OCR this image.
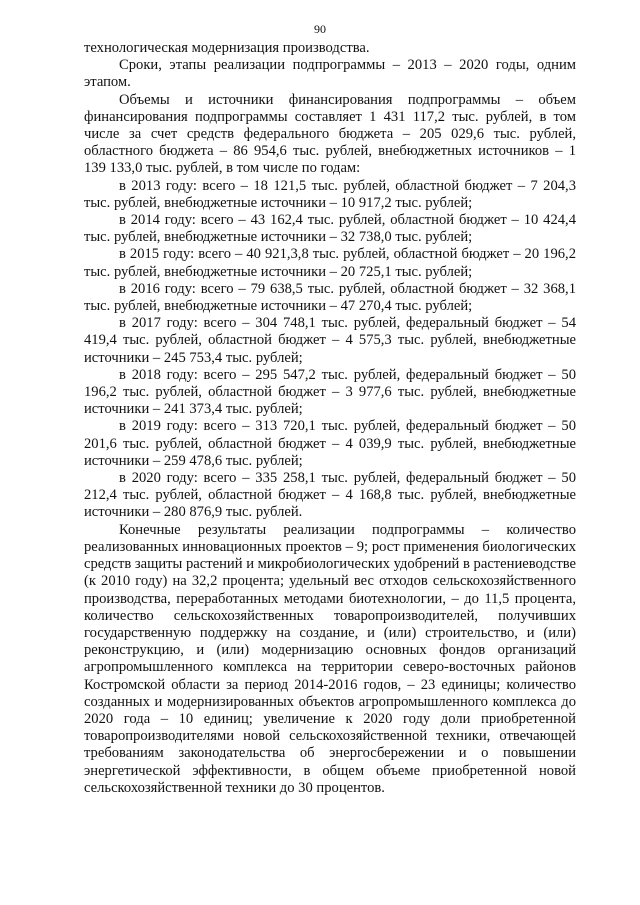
90

технологическая модернизация производства.

Сроки, этапы реализации подпрограммы – 2013 – 2020 годы, одним этапом.

Объемы и источники финансирования подпрограммы – объем финансирования подпрограммы составляет 1 431 117,2 тыс. рублей, в том числе за счет средств федерального бюджета – 205 029,6 тыс. рублей, областного бюджета – 86 954,6 тыс. рублей, внебюджетных источников – 1 139 133,0 тыс. рублей, в том числе по годам:

в 2013 году: всего – 18 121,5 тыс. рублей, областной бюджет – 7 204,3 тыс. рублей, внебюджетные источники – 10 917,2 тыс. рублей;

в 2014 году: всего – 43 162,4 тыс. рублей, областной бюджет – 10 424,4 тыс. рублей, внебюджетные источники – 32 738,0 тыс. рублей;

в 2015 году: всего – 40 921,3,8 тыс. рублей, областной бюджет – 20 196,2 тыс. рублей, внебюджетные источники – 20 725,1 тыс. рублей;

в 2016 году: всего – 79 638,5 тыс. рублей, областной бюджет – 32 368,1 тыс. рублей, внебюджетные источники – 47 270,4 тыс. рублей;

в 2017 году: всего – 304 748,1 тыс. рублей, федеральный бюджет – 54 419,4 тыс. рублей, областной бюджет – 4 575,3 тыс. рублей, внебюджетные источники – 245 753,4 тыс. рублей;

в 2018 году: всего – 295 547,2 тыс. рублей, федеральный бюджет – 50 196,2 тыс. рублей, областной бюджет – 3 977,6 тыс. рублей, внебюджетные источники – 241 373,4 тыс. рублей;

в 2019 году: всего – 313 720,1 тыс. рублей, федеральный бюджет – 50 201,6 тыс. рублей, областной бюджет – 4 039,9 тыс. рублей, внебюджетные источники – 259 478,6 тыс. рублей;

в 2020 году: всего – 335 258,1 тыс. рублей, федеральный бюджет – 50 212,4 тыс. рублей, областной бюджет – 4 168,8 тыс. рублей, внебюджетные источники – 280 876,9 тыс. рублей.

Конечные результаты реализации подпрограммы – количество реализованных инновационных проектов – 9; рост применения биологических средств защиты растений и микробиологических удобрений в растениеводстве (к 2010 году) на 32,2 процента; удельный вес отходов сельскохозяйственного производства, переработанных методами биотехнологии, – до 11,5 процента, количество сельскохозяйственных товаропроизводителей, получивших государственную поддержку на создание, и (или) строительство, и (или) реконструкцию, и (или) модернизацию основных фондов организаций агропромышленного комплекса на территории северо-восточных районов Костромской области за период 2014-2016 годов, – 23 единицы; количество созданных и модернизированных объектов агропромышленного комплекса до 2020 года – 10 единиц; увеличение к 2020 году доли приобретенной товаропроизводителями новой сельскохозяйственной техники, отвечающей требованиям законодательства об энергосбережении и о повышении энергетической эффективности, в общем объеме приобретенной новой сельскохозяйственной техники до 30 процентов.
